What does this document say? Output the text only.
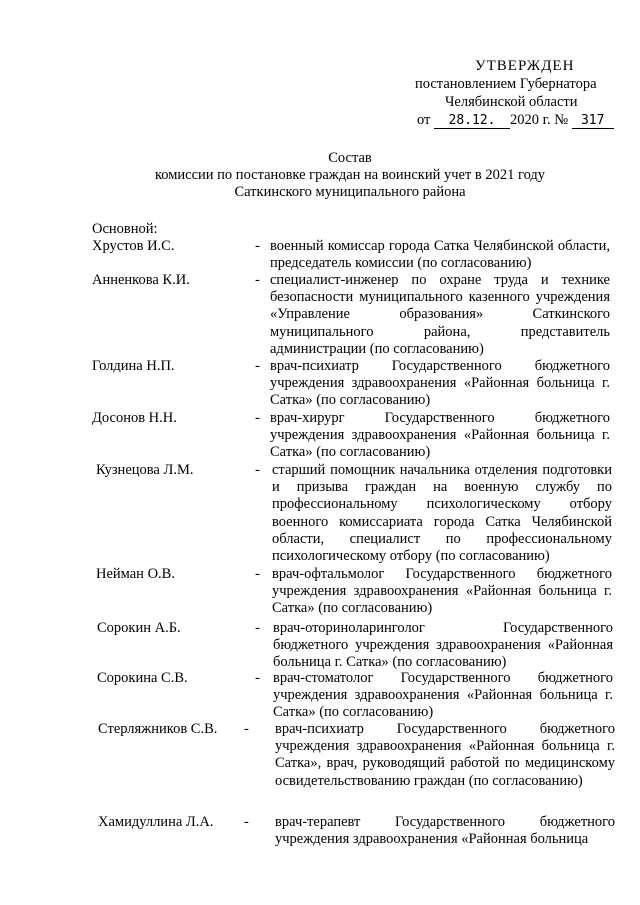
УТВЕРЖДЕН
постановлением Губернатора
Челябинской области
от 28.12. 2020 г. № 317
Состав
комиссии по постановке граждан на воинский учет в 2021 году
Саткинского муниципального района
Основной:
Хрустов И.С.	- военный комиссар города Сатка Челябинской области, председатель комиссии (по согласованию)
Анненкова К.И.	- специалист-инженер по охране труда и технике безопасности муниципального казенного учреждения «Управление образования» Саткинского муниципального района, представитель администрации (по согласованию)
Голдина Н.П.	- врач-психиатр Государственного бюджетного учреждения здравоохранения «Районная больница г. Сатка» (по согласованию)
Досонов Н.Н.	- врач-хирург Государственного бюджетного учреждения здравоохранения «Районная больница г. Сатка» (по согласованию)
Кузнецова Л.М.	- старший помощник начальника отделения подготовки и призыва граждан на военную службу по профессиональному психологическому отбору военного комиссариата города Сатка Челябинской области, специалист по профессиональному психологическому отбору (по согласованию)
Нейман О.В.	- врач-офтальмолог Государственного бюджетного учреждения здравоохранения «Районная больница г. Сатка» (по согласованию)
Сорокин А.Б.	- врач-оториноларинголог Государственного бюджетного учреждения здравоохранения «Районная больница г. Сатка» (по согласованию)
Сорокина С.В.	- врач-стоматолог Государственного бюджетного учреждения здравоохранения «Районная больница г. Сатка» (по согласованию)
Стерляжников С.В. - врач-психиатр Государственного бюджетного учреждения здравоохранения «Районная больница г. Сатка», врач, руководящий работой по медицинскому освидетельствованию граждан (по согласованию)
Хамидуллина Л.А. - врач-терапевт Государственного бюджетного учреждения здравоохранения «Районная больница
